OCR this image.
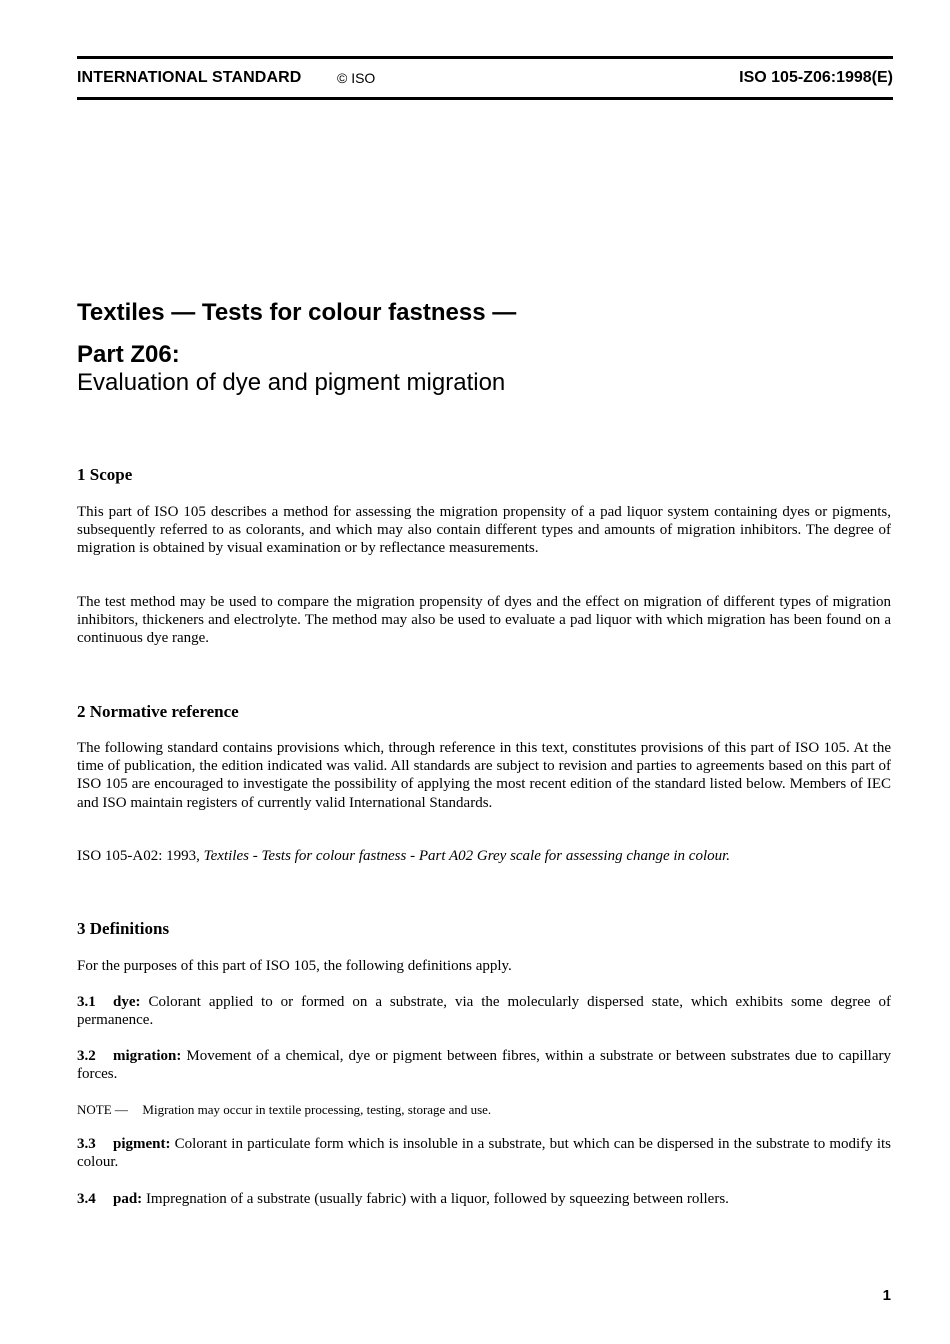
INTERNATIONAL STANDARD	© ISO	ISO 105-Z06:1998(E)
Textiles — Tests for colour fastness —
Part Z06:
Evaluation of dye and pigment migration
1 Scope
This part of ISO 105 describes a method for assessing the migration propensity of a pad liquor system containing dyes or pigments, subsequently referred to as colorants, and which may also contain different types and amounts of migration inhibitors. The degree of migration is obtained by visual examination or by reflectance measurements.
The test method may be used to compare the migration propensity of dyes and the effect on migration of different types of migration inhibitors, thickeners and electrolyte. The method may also be used to evaluate a pad liquor with which migration has been found on a continuous dye range.
2 Normative reference
The following standard contains provisions which, through reference in this text, constitutes provisions of this part of ISO 105. At the time of publication, the edition indicated was valid. All standards are subject to revision and parties to agreements based on this part of ISO 105 are encouraged to investigate the possibility of applying the most recent edition of the standard listed below. Members of IEC and ISO maintain registers of currently valid International Standards.
ISO 105-A02: 1993, Textiles - Tests for colour fastness - Part A02 Grey scale for assessing change in colour.
3 Definitions
For the purposes of this part of ISO 105, the following definitions apply.
3.1 dye: Colorant applied to or formed on a substrate, via the molecularly dispersed state, which exhibits some degree of permanence.
3.2 migration: Movement of a chemical, dye or pigment between fibres, within a substrate or between substrates due to capillary forces.
NOTE — Migration may occur in textile processing, testing, storage and use.
3.3 pigment: Colorant in particulate form which is insoluble in a substrate, but which can be dispersed in the substrate to modify its colour.
3.4 pad: Impregnation of a substrate (usually fabric) with a liquor, followed by squeezing between rollers.
1
